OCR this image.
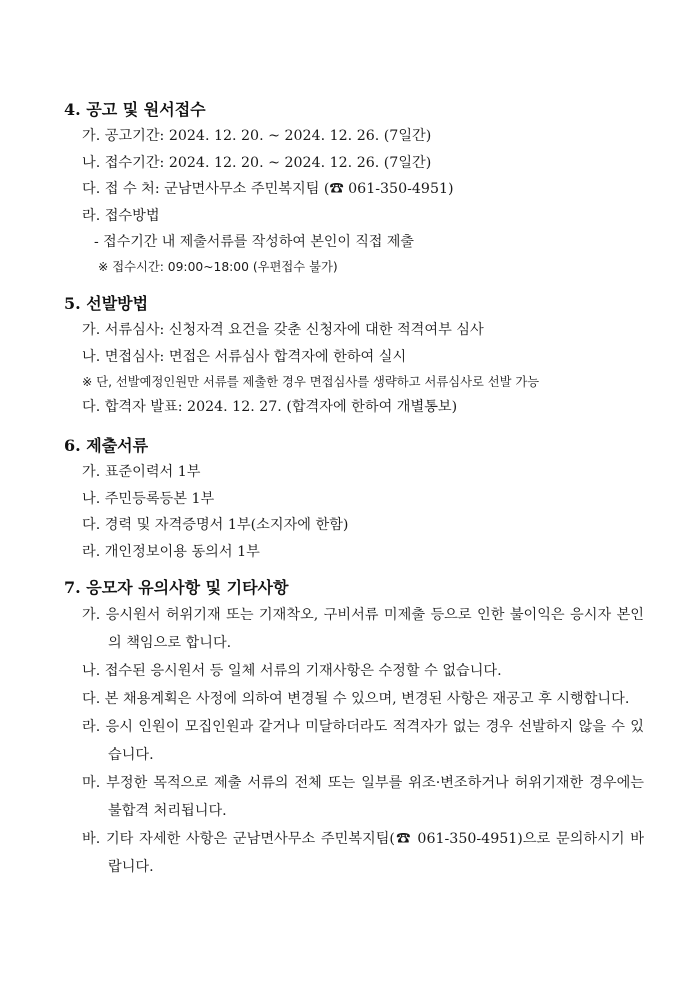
4. 공고 및 원서접수
가. 공고기간: 2024. 12. 20. ~ 2024. 12. 26. (7일간)
나. 접수기간: 2024. 12. 20. ~ 2024. 12. 26. (7일간)
다. 접 수 처: 군남면사무소 주민복지팀 (☎ 061-350-4951)
라. 접수방법
- 접수기간 내 제출서류를 작성하여 본인이 직접 제출
※ 접수시간: 09:00~18:00 (우편접수 불가)
5. 선발방법
가. 서류심사: 신청자격 요건을 갖춘 신청자에 대한 적격여부 심사
나. 면접심사: 면접은 서류심사 합격자에 한하여 실시
※ 단, 선발예정인원만 서류를 제출한 경우 면접심사를 생략하고 서류심사로 선발 가능
다. 합격자 발표: 2024. 12. 27. (합격자에 한하여 개별통보)
6. 제출서류
가. 표준이력서 1부
나. 주민등록등본 1부
다. 경력 및 자격증명서 1부(소지자에 한함)
라. 개인정보이용 동의서 1부
7. 응모자 유의사항 및 기타사항
가. 응시원서 허위기재 또는 기재착오, 구비서류 미제출 등으로 인한 불이익은 응시자 본인의 책임으로 합니다.
나. 접수된 응시원서 등 일체 서류의 기재사항은 수정할 수 없습니다.
다. 본 채용계획은 사정에 의하여 변경될 수 있으며, 변경된 사항은 재공고 후 시행합니다.
라. 응시 인원이 모집인원과 같거나 미달하더라도 적격자가 없는 경우 선발하지 않을 수 있습니다.
마. 부정한 목적으로 제출 서류의 전체 또는 일부를 위조·변조하거나 허위기재한 경우에는 불합격 처리됩니다.
바. 기타 자세한 사항은 군남면사무소 주민복지팀(☎ 061-350-4951)으로 문의하시기 바랍니다.
